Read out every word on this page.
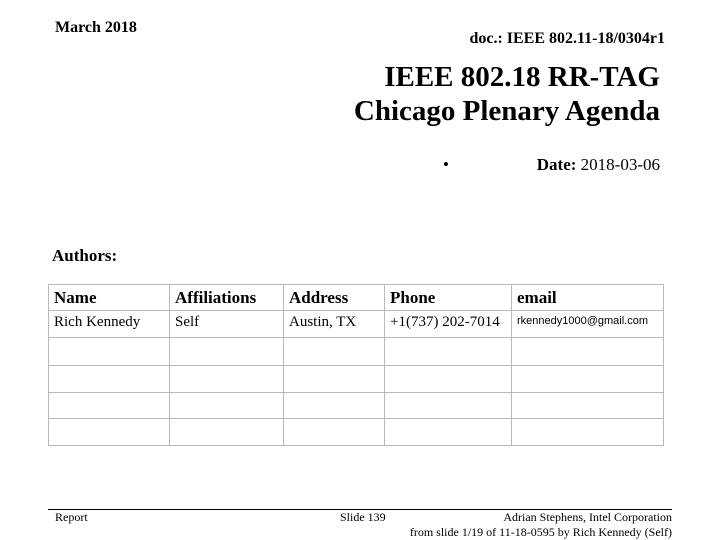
March 2018
doc.: IEEE 802.11-18/0304r1
IEEE 802.18 RR-TAG
Chicago Plenary Agenda
•	Date: 2018-03-06
Authors:
Name	Affiliations	Address	Phone	email
Rich Kennedy	Self	Austin, TX	+1(737) 202-7014	rkennedy1000@gmail.com

Report	Slide 139	Adrian Stephens, Intel Corporation
from slide 1/19 of 11-18-0595 by Rich Kennedy (Self)
